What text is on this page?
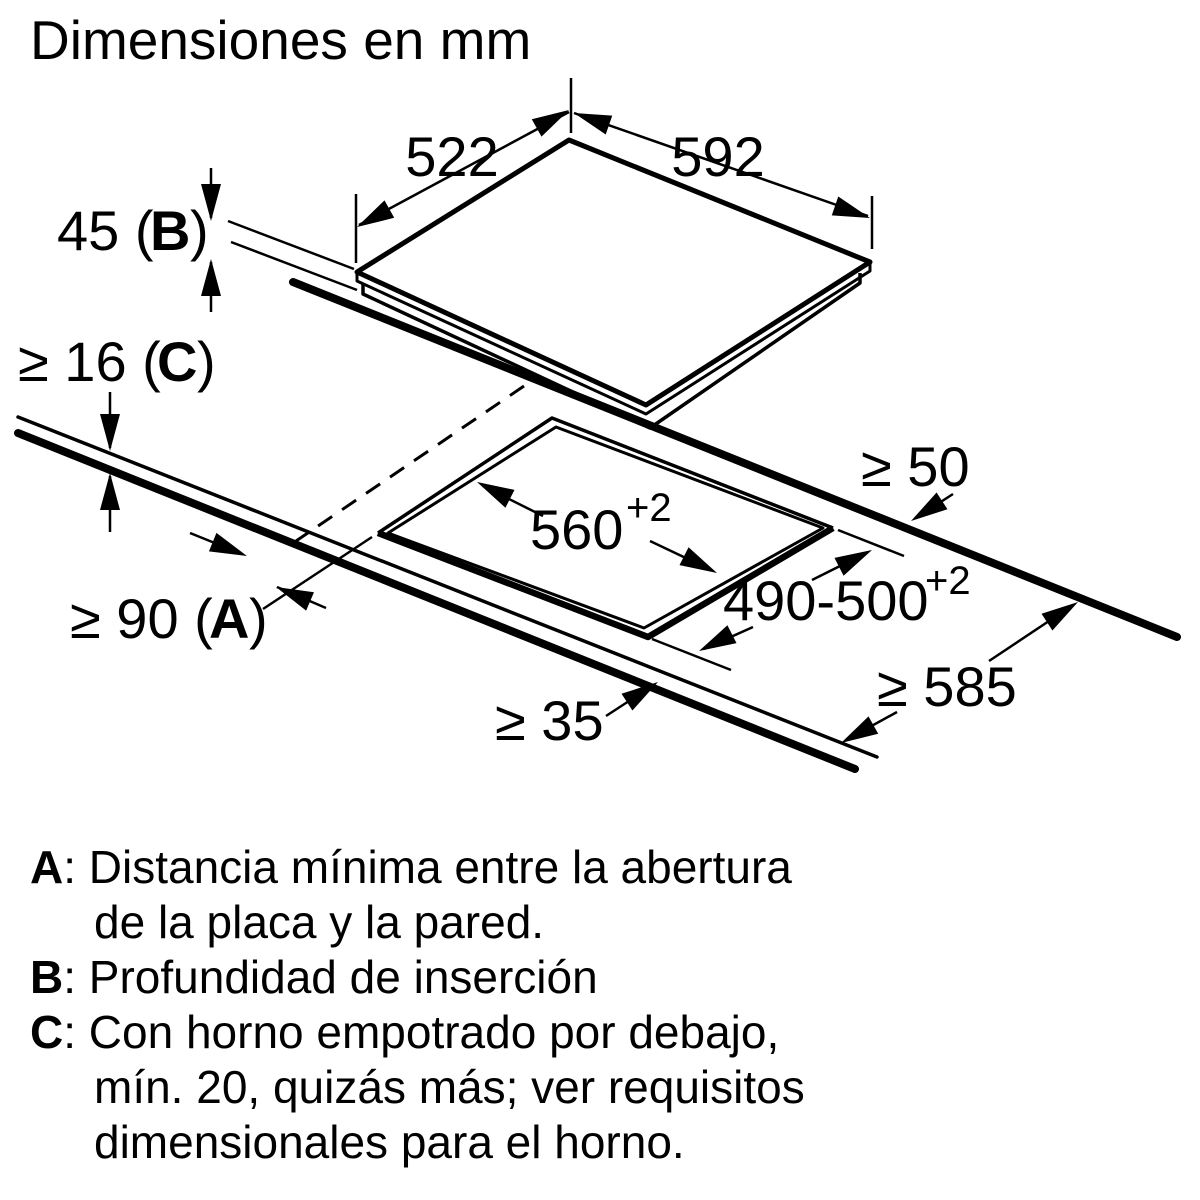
Dimensiones en mm
522	592
45 (
B )
≥ 16 (
C )
≥ 50
560 +2
490-500
+2
≥ 90 (
A )
≥ 35
≥ 585
A: Distancia mínima entre la abertura
de la placa y la pared.
B: Profundidad de inserción
C: Con horno empotrado por debajo,
mín. 20, quizás más; ver requisitos
dimensionales para el horno.
